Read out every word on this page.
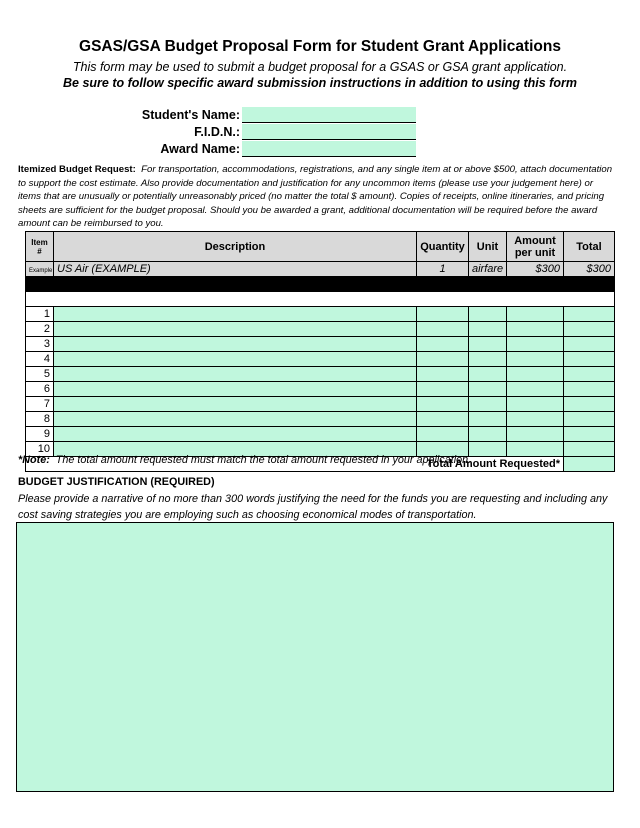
GSAS/GSA Budget Proposal Form for Student Grant Applications
This form may be used to submit a budget proposal for a GSAS or GSA grant application.
Be sure to follow specific award submission instructions in addition to using this form
Student's Name:
F.I.D.N.:
Award Name:
Itemized Budget Request: For transportation, accommodations, registrations, and any single item at or above $500, attach documentation to support the cost estimate. Also provide documentation and justification for any uncommon items (please use your judgement here) or items that are unusually or potentially unreasonably priced (no matter the total $ amount). Copies of receipts, online itineraries, and pricing sheets are sufficient for the budget proposal. Should you be awarded a grant, additional documentation will be required before the award amount can be reimbursed to you.
Item #	Description	Quantity	Unit	Amount per unit	Total
Example	US Air (EXAMPLE)	1	airfare	$300	$300

1					
2					
3					
4					
5					
6					
7					
8					
9					
10					
Total Amount Requested*					
*Note: The total amount requested must match the total amount requested in your application.
BUDGET JUSTIFICATION (REQUIRED)
Please provide a narrative of no more than 300 words justifying the need for the funds you are requesting and including any cost saving strategies you are employing such as choosing economical modes of transportation.
